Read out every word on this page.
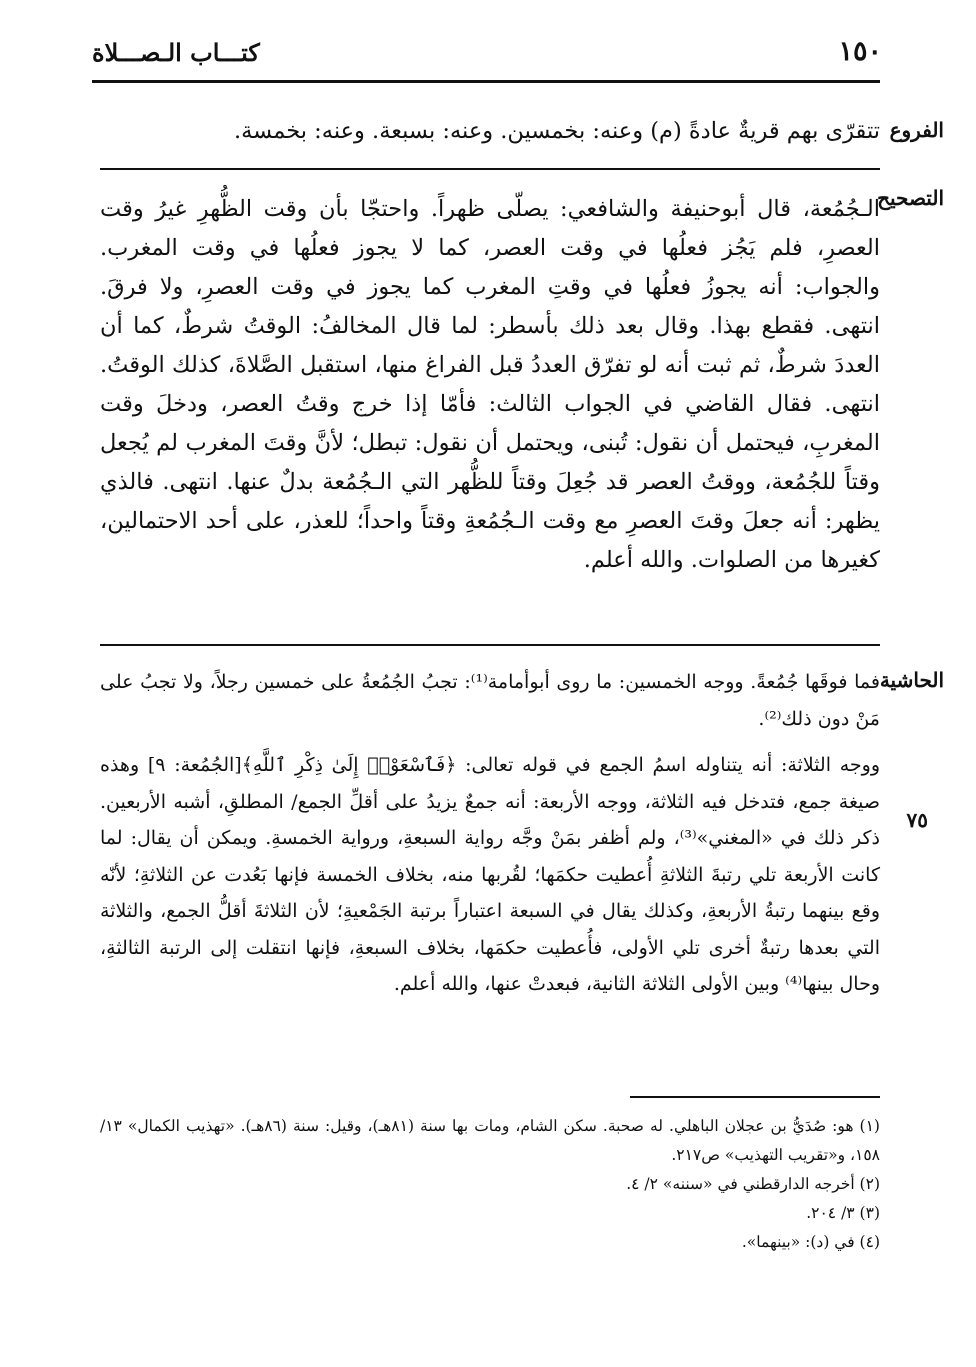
١٥٠
كتـــاب الـصـــلاة
الفروع

تتقرّى بهم قريةٌ عادةً (م) وعنه: بخمسين. وعنه: بسبعة. وعنه: بخمسة.

التصحيح

الـجُمُعة، قال أبوحنيفة والشافعي: يصلّى ظهراً. واحتجّا بأن وقت الظُّهرِ غيرُ وقت العصرِ، فلم يَجُز فعلُها في وقت العصر، كما لا يجوز فعلُها في وقت المغرب. والجواب: أنه يجوزُ فعلُها في وقتِ المغرب كما يجوز في وقت العصرِ، ولا فرقَ. انتهى. فقطع بهذا. وقال بعد ذلك بأسطر: لما قال المخالفُ: الوقتُ شرطٌ، كما أن العددَ شرطٌ، ثم ثبت أنه لو تفرّق العددُ قبل الفراغ منها، استقبل الصَّلاةَ، كذلك الوقتُ. انتهى. فقال القاضي في الجواب الثالث: فأمّا إذا خرج وقتُ العصر، ودخلَ وقت المغربِ، فيحتمل أن نقول: تُبنى، ويحتمل أن نقول: تبطل؛ لأنَّ وقتَ المغرب لم يُجعل وقتاً للجُمُعة، ووقتُ العصر قد جُعِلَ وقتاً للظُّهر التي الـجُمُعة بدلٌ عنها. انتهى. فالذي يظهر: أنه جعلَ وقتَ العصرِ مع وقت الـجُمُعةِ وقتاً واحداً؛ للعذر، على أحد الاحتمالين، كغيرها من الصلوات. والله أعلم.

الحاشية
٧٥

فما فوقَها جُمُعةً. ووجه الخمسين: ما روى أبوأمامة⁽¹⁾: تجبُ الجُمُعةُ على خمسين رجلاً، ولا تجبُ على مَنْ دون ذلك⁽²⁾.

ووجه الثلاثة: أنه يتناوله اسمُ الجمع في قوله تعالى: ﴿فَٱسْعَوْا۟ إِلَىٰ ذِكْرِ ٱللَّهِ﴾[الجُمُعة: ٩] وهذه صيغة جمع، فتدخل فيه الثلاثة، ووجه الأربعة: أنه جمعٌ يزيدُ على أقلِّ الجمع/ المطلقِ، أشبه الأربعين. ذكر ذلك في «المغني»⁽³⁾، ولم أظفر بمَنْ وجَّه رواية السبعةِ، ورواية الخمسةِ. ويمكن أن يقال: لما كانت الأربعة تلي رتبةَ الثلاثةِ أُعطيت حكمَها؛ لقُربها منه، بخلاف الخمسة فإنها بَعُدت عن الثلاثةِ؛ لأنّه وقع بينهما رتبةُ الأربعةِ، وكذلك يقال في السبعة اعتباراً برتبة الجَمْعيةِ؛ لأن الثلاثةَ أقلُّ الجمع، والثلاثة التي بعدها رتبةٌ أخرى تلي الأولى، فأُعطيت حكمَها، بخلاف السبعةِ، فإنها انتقلت إلى الرتبة الثالثةِ، وحال بينها⁽⁴⁾ وبين الأولى الثلاثة الثانية، فبعدتْ عنها، والله أعلم.

(١) هو: صُدَيُّ بن عجلان الباهلي. له صحبة. سكن الشام، ومات بها سنة (٨١هـ)، وقيل: سنة (٨٦هـ). «تهذيب الكمال» ١٣/ ١٥٨، و«تقريب التهذيب» ص٢١٧.

(٢) أخرجه الدارقطني في «سننه» ٢/ ٤.

(٣) ٣/ ٢٠٤.

(٤) في (د): «بينهما».
